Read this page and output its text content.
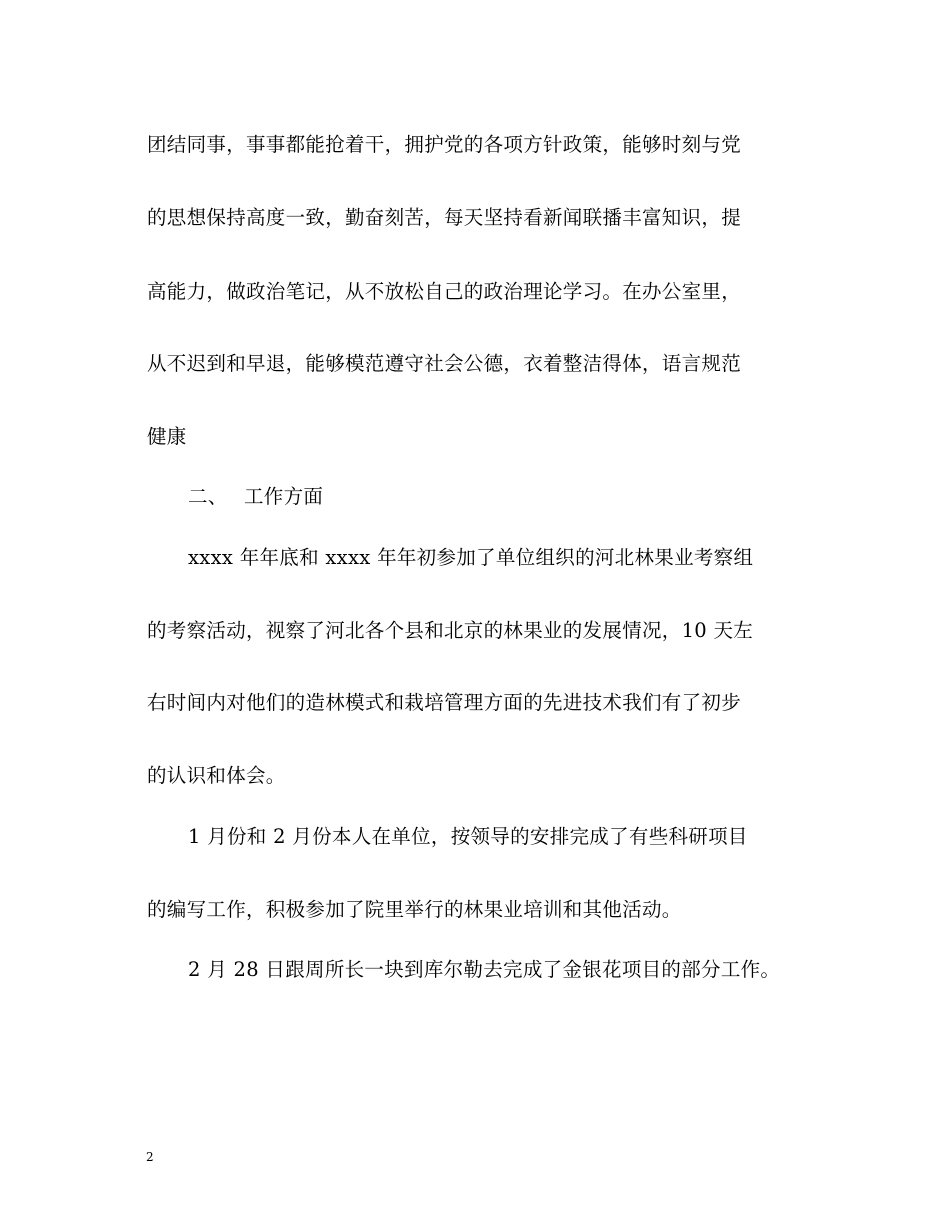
团结同事，事事都能抢着干，拥护党的各项方针政策，能够时刻与党
的思想保持高度一致，勤奋刻苦，每天坚持看新闻联播丰富知识，提
高能力，做政治笔记，从不放松自己的政治理论学习。在办公室里，
从不迟到和早退，能够模范遵守社会公德，衣着整洁得体，语言规范
健康
二、 工作方面
xxxx 年年底和 xxxx 年年初参加了单位组织的河北林果业考察组
的考察活动，视察了河北各个县和北京的林果业的发展情况，10 天左
右时间内对他们的造林模式和栽培管理方面的先进技术我们有了初步
的认识和体会。
1 月份和 2 月份本人在单位，按领导的安排完成了有些科研项目
的编写工作，积极参加了院里举行的林果业培训和其他活动。
2 月 28 日跟周所长一块到库尔勒去完成了金银花项目的部分工作。
2
